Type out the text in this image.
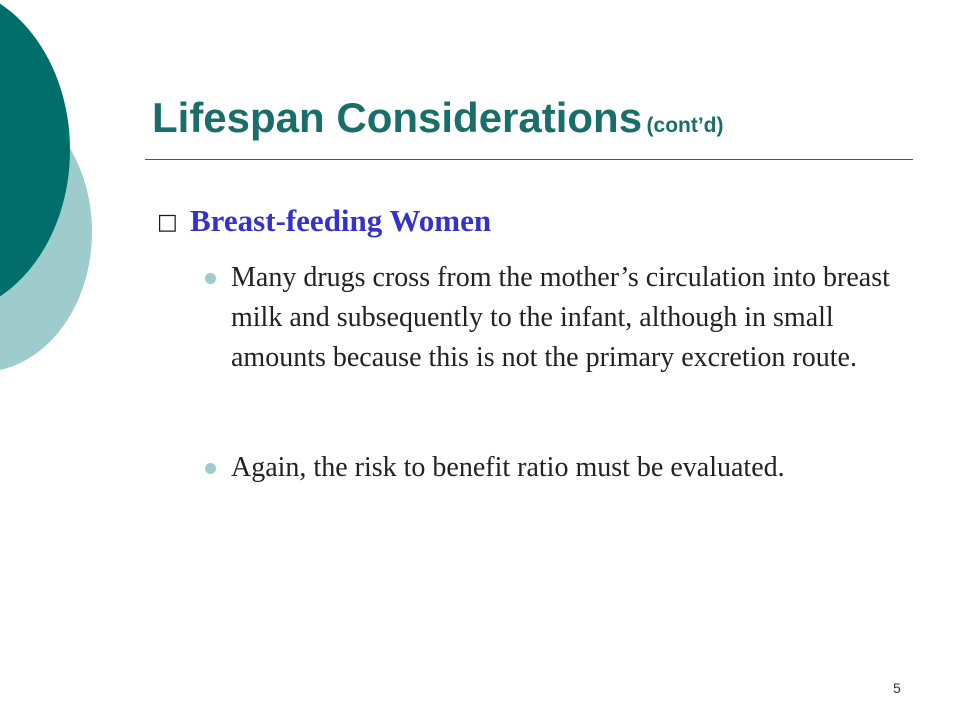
Lifespan Considerations (cont’d)
□ Breast-feeding Women
Many drugs cross from the mother’s circulation into breast milk and subsequently to the infant, although in small amounts because this is not the primary excretion route.
Again, the risk to benefit ratio must be evaluated.
5
